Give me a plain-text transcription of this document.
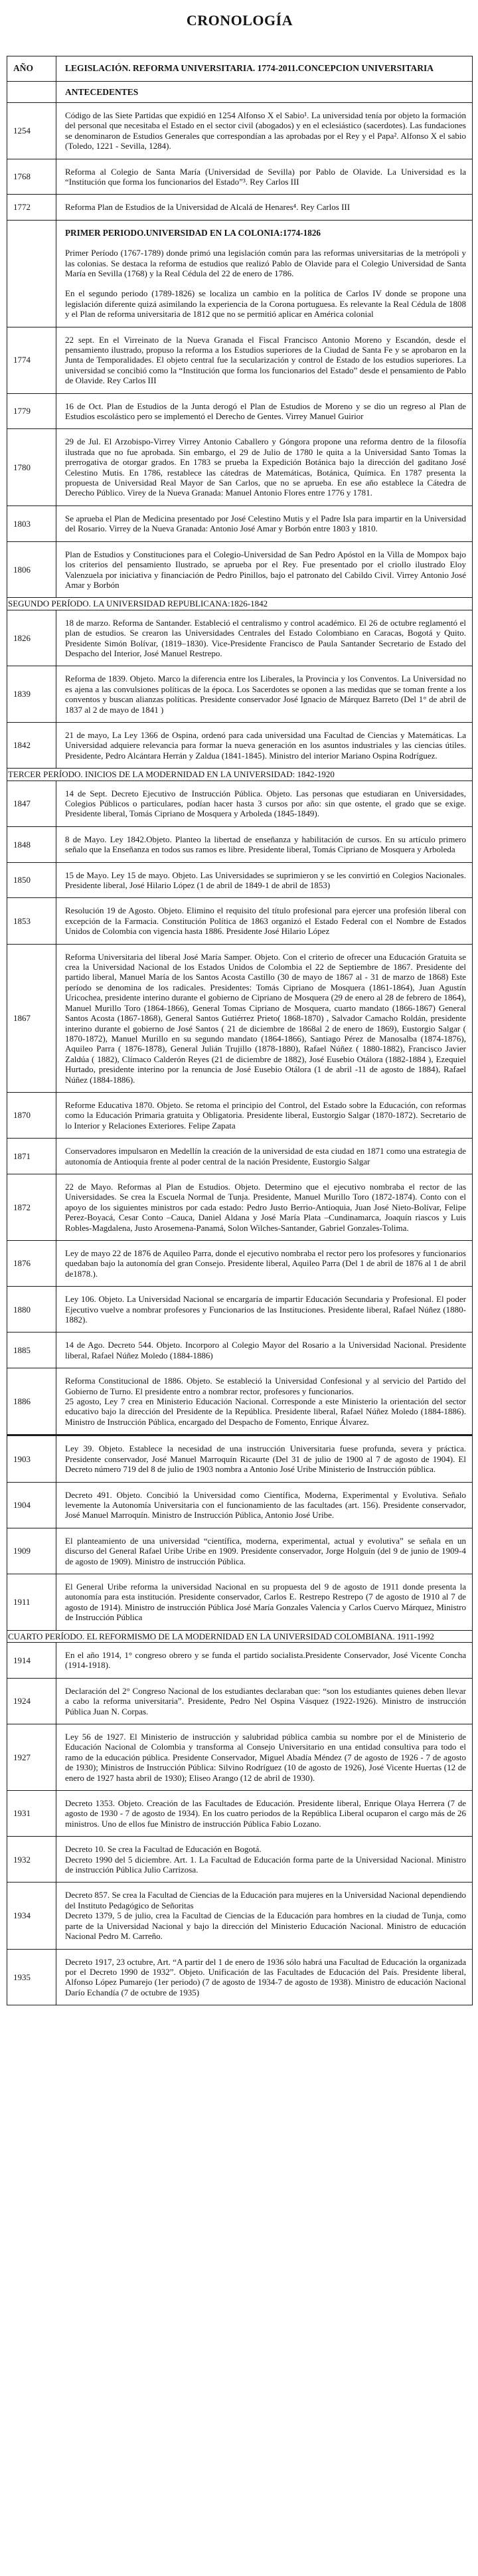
CRONOLOGÍA
AÑO	LEGISLACIÓN. REFORMA UNIVERSITARIA. 1774-2011.CONCEPCION UNIVERSITARIA
	ANTECEDENTES
1254	Código de las Siete Partidas que expidió en 1254 Alfonso X el Sabio¹. La universidad tenía por objeto la formación del personal que necesitaba el Estado en el sector civil (abogados) y en el eclesiástico (sacerdotes). Las fundaciones se denominaron de Estudios Generales que correspondían a las aprobadas por el Rey y el Papa². Alfonso X el sabio (Toledo, 1221 - Sevilla, 1284).

1768	Reforma al Colegio de Santa María (Universidad de Sevilla) por Pablo de Olavide. La Universidad es la “Institución que forma los funcionarios del Estado”³. Rey Carlos III

1772	Reforma Plan de Estudios de la Universidad de Alcalá de Henares⁴. Rey Carlos III

	PRIMER PERIODO.UNIVERSIDAD EN LA COLONIA:1774-1826

Primer Período (1767-1789) donde primó una legislación común para las reformas universitarias de la metrópoli y las colonias. Se destaca la reforma de estudios que realizó Pablo de Olavide para el Colegio Universidad de Santa María en Sevilla (1768) y la Real Cédula del 22 de enero de 1786.

En el segundo periodo (1789-1826) se localiza un cambio en la política de Carlos IV donde se propone una legislación diferente quizá asimilando la experiencia de la Corona portuguesa. Es relevante la Real Cédula de 1808 y el Plan de reforma universitaria de 1812 que no se permitió aplicar en América colonial

1774	22 sept. En el Virreinato de la Nueva Granada el Fiscal Francisco Antonio Moreno y Escandón, desde el pensamiento ilustrado, propuso la reforma a los Estudios superiores de la Ciudad de Santa Fe y se aprobaron en la Junta de Temporalidades. El objeto central fue la secularización y control de Estado de los estudios superiores. La universidad se concibió como la “Institución que forma los funcionarios del Estado” desde el pensamiento de Pablo de Olavide. Rey Carlos III

1779	16 de Oct. Plan de Estudios de la Junta derogó el Plan de Estudios de Moreno y se dio un regreso al Plan de Estudios escolástico pero se implementó el Derecho de Gentes. Virrey Manuel Guirior

1780	29 de Jul. El Arzobispo-Virrey Virrey Antonio Caballero y Góngora propone una reforma dentro de la filosofía ilustrada que no fue aprobada. Sin embargo, el 29 de Julio de 1780 le quita a la Universidad Santo Tomas la prerrogativa de otorgar grados. En 1783 se prueba la Expedición Botánica bajo la dirección del gaditano José Celestino Mutis. En 1786, restablece las cátedras de Matemáticas, Botánica, Química. En 1787 presenta la propuesta de Universidad Real Mayor de San Carlos, que no se aprueba. En ese año establece la Cátedra de Derecho Público. Virey de la Nueva Granada: Manuel Antonio Flores entre 1776 y 1781.

1803	Se aprueba el Plan de Medicina presentado por José Celestino Mutis y el Padre Isla para impartir en la Universidad del Rosario. Virrey de la Nueva Granada: Antonio José Amar y Borbón entre 1803 y 1810.

1806	Plan de Estudios y Constituciones para el Colegio-Universidad de San Pedro Apóstol en la Villa de Mompox bajo los criterios del pensamiento Ilustrado, se aprueba por el Rey. Fue presentado por el criollo ilustrado Eloy Valenzuela por iniciativa y financiación de Pedro Pinillos, bajo el patronato del Cabildo Civil. Virrey Antonio José Amar y Borbón

SEGUNDO PERÍODO. LA UNIVERSIDAD REPUBLICANA:1826-1842	
1826	18 de marzo. Reforma de Santander. Estableció el centralismo y control académico. El 26 de octubre reglamentó el plan de estudios. Se crearon las Universidades Centrales del Estado Colombiano en Caracas, Bogotá y Quito. Presidente Simón Bolívar, (1819–1830). Vice-Presidente Francisco de Paula Santander Secretario de Estado del Despacho del Interior, José Manuel Restrepo.

1839	Reforma de 1839. Objeto. Marco la diferencia entre los Liberales, la Provincia y los Conventos. La Universidad no es ajena a las convulsiones políticas de la época. Los Sacerdotes se oponen a las medidas que se toman frente a los conventos y buscan alianzas políticas. Presidente conservador José Ignacio de Márquez Barreto (Del 1° de abril de 1837 al 2 de mayo de 1841 )

1842	21 de mayo, La Ley 1366 de Ospina, ordenó para cada universidad una Facultad de Ciencias y Matemáticas. La Universidad adquiere relevancia para formar la nueva generación en los asuntos industriales y las ciencias útiles. Presidente, Pedro Alcántara Herrán y Zaldua (1841-1845). Ministro del interior Mariano Ospina Rodríguez.

TERCER PERÍODO. INICIOS DE LA MODERNIDAD EN LA UNIVERSIDAD: 1842-1920	
1847	14 de Sept. Decreto Ejecutivo de Instrucción Pública. Objeto. Las personas que estudiaran en Universidades, Colegios Públicos o particulares, podían hacer hasta 3 cursos por año: sin que ostente, el grado que se exige. Presidente liberal, Tomás Cipriano de Mosquera y Arboleda (1845-1849).

1848	8 de Mayo. Ley 1842.Objeto. Planteo la libertad de enseñanza y habilitación de cursos. En su artículo primero señalo que la Enseñanza en todos sus ramos es libre. Presidente liberal, Tomás Cipriano de Mosquera y Arboleda

1850	15 de Mayo. Ley 15 de mayo. Objeto. Las Universidades se suprimieron y se les convirtió en Colegios Nacionales. Presidente liberal, José Hilario López (1 de abril de 1849-1 de abril de 1853)

1853	Resolución 19 de Agosto. Objeto. Elimino el requisito del título profesional para ejercer una profesión liberal con excepción de la Farmacia. Constitución Política de 1863 organizó el Estado Federal con el Nombre de Estados Unidos de Colombia con vigencia hasta 1886. Presidente José Hilario López

1867	Reforma Universitaria del liberal José María Samper. Objeto. Con el criterio de ofrecer una Educación Gratuita se crea la Universidad Nacional de los Estados Unidos de Colombia el 22 de Septiembre de 1867. Presidente del partido liberal, Manuel María de los Santos Acosta Castillo (30 de mayo de 1867 al - 31 de marzo de 1868) Este período se denomina de los radicales. Presidentes: Tomás Cipriano de Mosquera (1861-1864), Juan Agustín Uricochea, presidente interino durante el gobierno de Cipriano de Mosquera (29 de enero al 28 de febrero de 1864), Manuel Murillo Toro (1864-1866), General Tomas Cipriano de Mosquera, cuarto mandato (1866-1867) General Santos Acosta (1867-1868), General Santos Gutiérrez Prieto( 1868-1870) , Salvador Camacho Roldán, presidente interino durante el gobierno de José Santos ( 21 de diciembre de 1868al 2 de enero de 1869), Eustorgio Salgar ( 1870-1872), Manuel Murillo en su segundo mandato (1864-1866), Santiago Pérez de Manosalba (1874-1876), Aquileo Parra ( 1876-1878), General Julián Trujillo (1878-1880), Rafael Núñez ( 1880-1882), Francisco Javier Zaldúa ( 1882), Clímaco Calderón Reyes (21 de diciembre de 1882), José Eusebio Otálora (1882-1884 ), Ezequiel Hurtado, presidente interino por la renuncia de José Eusebio Otálora (1 de abril -11 de agosto de 1884), Rafael Núñez (1884-1886).

1870	Reforme Educativa 1870. Objeto. Se retoma el principio del Control, del Estado sobre la Educación, con reformas como la Educación Primaria gratuita y Obligatoria. Presidente liberal, Eustorgio Salgar (1870-1872). Secretario de lo Interior y Relaciones Exteriores. Felipe Zapata

1871	Conservadores impulsaron en Medellín la creación de la universidad de esta ciudad en 1871 como una estrategia de autonomía de Antioquia frente al poder central de la nación Presidente, Eustorgio Salgar

1872	22 de Mayo. Reformas al Plan de Estudios. Objeto. Determino que el ejecutivo nombraba el rector de las Universidades. Se crea la Escuela Normal de Tunja. Presidente, Manuel Murillo Toro (1872-1874). Conto con el apoyo de los siguientes ministros por cada estado: Pedro Justo Berrio-Antioquia, Juan José Nieto-Bolívar, Felipe Perez-Boyacá, Cesar Conto –Cauca, Daniel Aldana y José María Plata –Cundinamarca, Joaquín riascos y Luis Robles-Magdalena, Justo Arosemena-Panamá, Solon Wilches-Santander, Gabriel Gonzales-Tolima.

1876	Ley de mayo 22 de 1876 de Aquileo Parra, donde el ejecutivo nombraba el rector pero los profesores y funcionarios quedaban bajo la autonomía del gran Consejo. Presidente liberal, Aquileo Parra (Del 1 de abril de 1876 al 1 de abril de1878.).

1880	Ley 106. Objeto. La Universidad Nacional se encargaría de impartir Educación Secundaria y Profesional. El poder Ejecutivo vuelve a nombrar profesores y Funcionarios de las Instituciones. Presidente liberal, Rafael Núñez (1880-1882).

1885	14 de Ago. Decreto 544. Objeto. Incorporo al Colegio Mayor del Rosario a la Universidad Nacional. Presidente liberal, Rafael Núñez Moledo (1884-1886)

1886	Reforma Constitucional de 1886. Objeto. Se estableció la Universidad Confesional y al servicio del Partido del Gobierno de Turno. El presidente entro a nombrar rector, profesores y funcionarios.

25 agosto, Ley 7 crea en Ministerio Educación Nacional. Corresponde a este Ministerio la orientación del sector educativo bajo la dirección del Presidente de la República. Presidente liberal, Rafael Núñez Moledo (1884-1886). Ministro de Instrucción Pública, encargado del Despacho de Fomento, Enrique Álvarez.

1903	Ley 39. Objeto. Establece la necesidad de una instrucción Universitaria fuese profunda, severa y práctica. Presidente conservador, José Manuel Marroquín Ricaurte (Del 31 de julio de 1900 al 7 de agosto de 1904). El Decreto número 719 del 8 de julio de 1903 nombra a Antonio José Uribe Ministerio de Instrucción pública.

1904	Decreto 491. Objeto. Concibió la Universidad como Científica, Moderna, Experimental y Evolutiva. Señalo levemente la Autonomía Universitaria con el funcionamiento de las facultades (art. 156). Presidente conservador, José Manuel Marroquín. Ministro de Instrucción Pública, Antonio José Uribe.

1909	El planteamiento de una universidad “científica, moderna, experimental, actual y evolutiva” se señala en un discurso del General Rafael Uribe Uribe en 1909. Presidente conservador, Jorge Holguín (del 9 de junio de 1909-4 de agosto de 1909). Ministro de instrucción Pública.

1911	El General Uribe reforma la universidad Nacional en su propuesta del 9 de agosto de 1911 donde presenta la autonomía para esta institución. Presidente conservador, Carlos E. Restrepo Restrepo (7 de agosto de 1910 al 7 de agosto de 1914). Ministro de instrucción Pública José María Gonzales Valencia y Carlos Cuervo Márquez, Ministro de Instrucción Pública

CUARTO PERÍODO. EL REFORMISMO DE LA MODERNIDAD EN LA UNIVERSIDAD COLOMBIANA. 1911-1992	
1914	En el año 1914, 1° congreso obrero y se funda el partido socialista.Presidente Conservador, José Vicente Concha (1914-1918).

1924	Declaración del 2° Congreso Nacional de los estudiantes declaraban que: “son los estudiantes quienes deben llevar a cabo la reforma universitaria”. Presidente, Pedro Nel Ospina Vásquez (1922-1926). Ministro de instrucción Pública Juan N. Corpas.

1927	Ley 56 de 1927. El Ministerio de instrucción y salubridad pública cambia su nombre por el de Ministerio de Educación Nacional de Colombia y transforma al Consejo Universitario en una entidad consultiva para todo el ramo de la educación pública. Presidente Conservador, Miguel Abadía Méndez (7 de agosto de 1926 - 7 de agosto de 1930); Ministros de Instrucción Pública: Silvino Rodríguez (10 de agosto de 1926), José Vicente Huertas (12 de enero de 1927 hasta abril de 1930); Eliseo Arango (12 de abril de 1930).

1931	Decreto 1353. Objeto. Creación de las Facultades de Educación. Presidente liberal, Enrique Olaya Herrera (7 de agosto de 1930 - 7 de agosto de 1934). En los cuatro periodos de la República Liberal ocuparon el cargo más de 26 ministros. Uno de ellos fue Ministro de instrucción Pública Fabio Lozano.

1932	Decreto 10. Se crea la Facultad de Educación en Bogotá.

Decreto 1990 del 5 diciembre. Art. 1. La Facultad de Educación forma parte de la Universidad Nacional. Ministro de instrucción Pública Julio Carrizosa.

1934	Decreto 857. Se crea la Facultad de Ciencias de la Educación para mujeres en la Universidad Nacional dependiendo del Instituto Pedagógico de Señoritas

Decreto 1379, 5 de julio, crea la Facultad de Ciencias de la Educación para hombres en la ciudad de Tunja, como parte de la Universidad Nacional y bajo la dirección del Ministerio Educación Nacional. Ministro de educación Nacional Pedro M. Carreño.

1935	Decreto 1917, 23 octubre, Art. “A partir del 1 de enero de 1936 sólo habrá una Facultad de Educación la organizada por el Decreto 1990 de 1932”. Objeto. Unificación de las Facultades de Educación del País. Presidente liberal, Alfonso López Pumarejo (1er periodo) (7 de agosto de 1934-7 de agosto de 1938). Ministro de educación Nacional Darío Echandía (7 de octubre de 1935)
